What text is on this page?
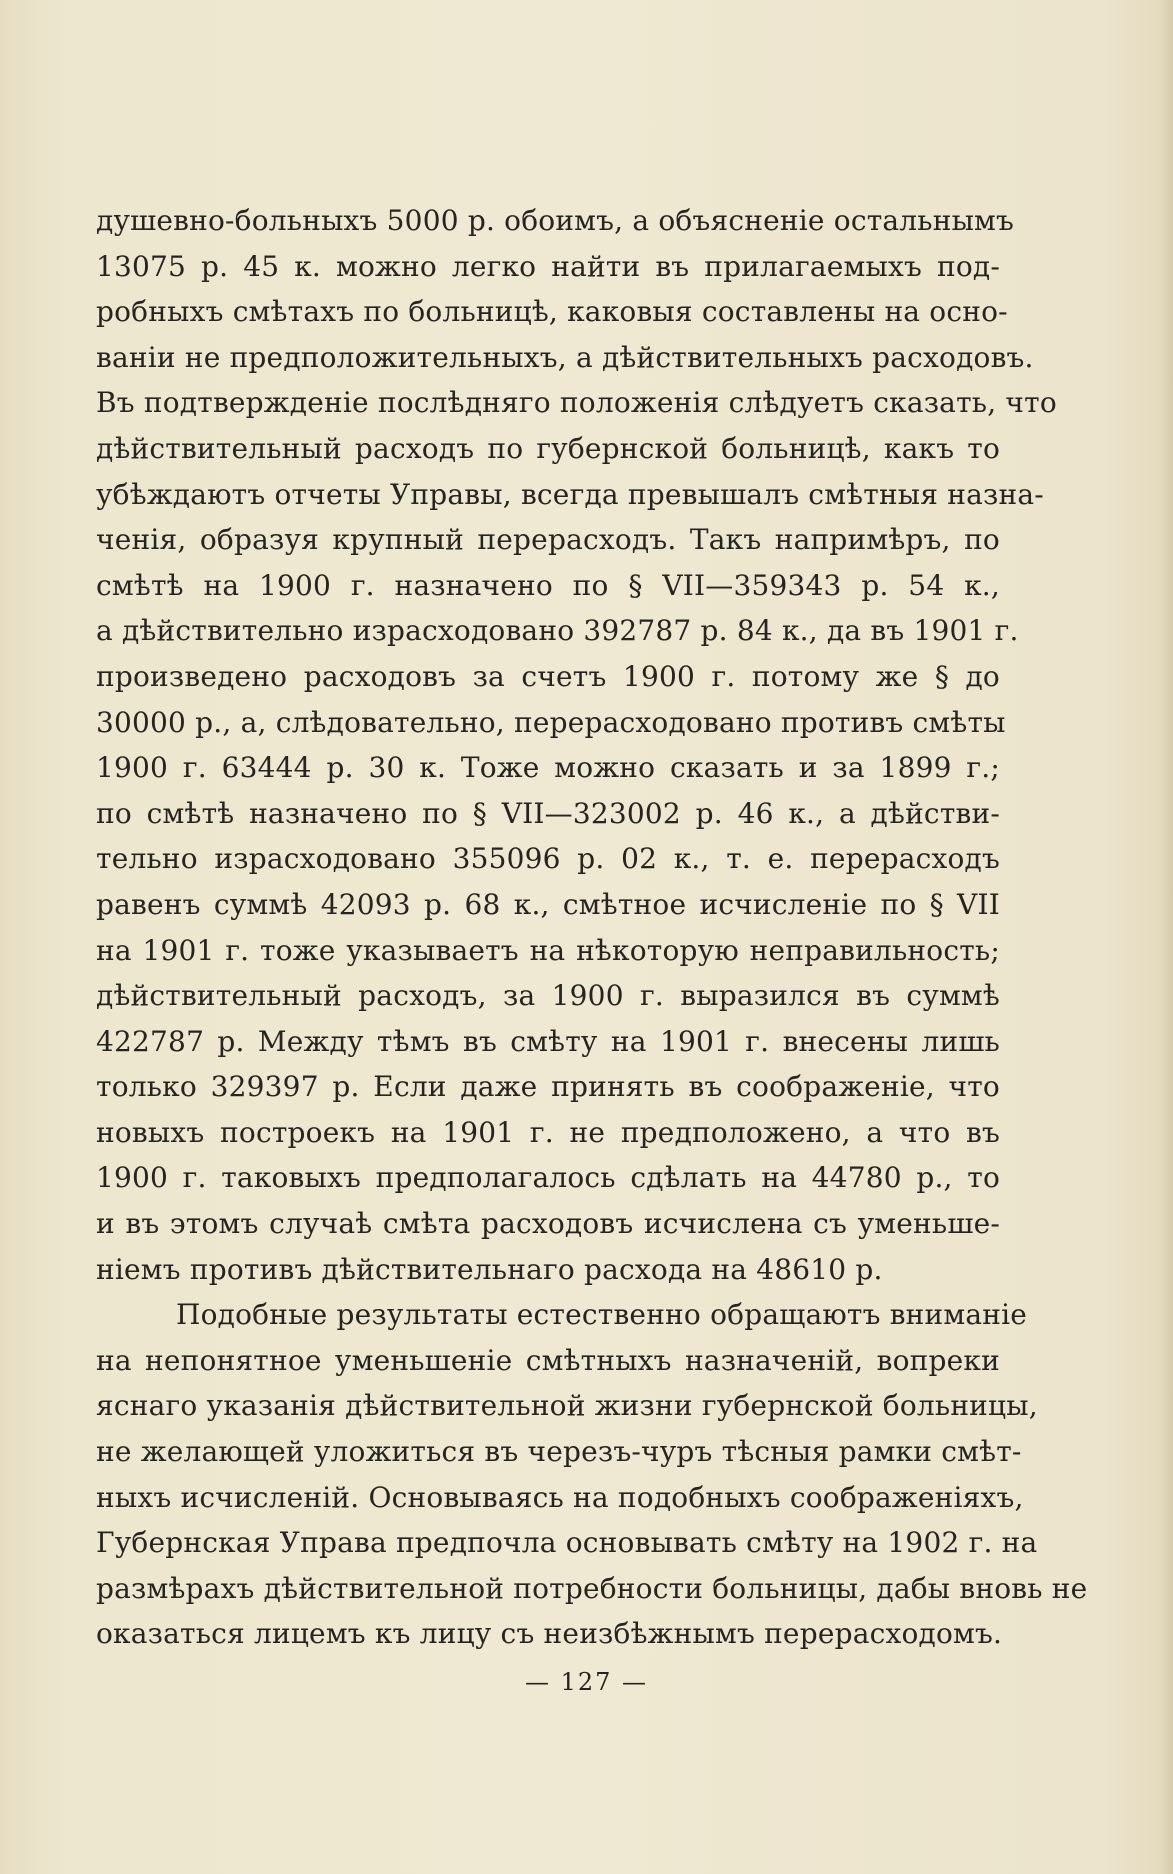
душевно-больныхъ 5000 р. обоимъ, а объясненіе остальнымъ
13075 р. 45 к. можно легко найти въ прилагаемыхъ под-
робныхъ смѣтахъ по больницѣ, каковыя составлены на осно-
ваніи не предположительныхъ, а дѣйствительныхъ расходовъ.
Въ подтвержденіе послѣдняго положенія слѣдуетъ сказать, что
дѣйствительный расходъ по губернской больницѣ, какъ то
убѣждаютъ отчеты Управы, всегда превышалъ смѣтныя назна-
ченія, образуя крупный перерасходъ. Такъ напримѣръ, по
смѣтѣ на 1900 г. назначено по § VII—359343 р. 54 к.,
а дѣйствительно израсходовано 392787 р. 84 к., да въ 1901 г.
произведено расходовъ за счетъ 1900 г. потому же § до
30000 р., а, слѣдовательно, перерасходовано противъ смѣты
1900 г. 63444 р. 30 к. Тоже можно сказать и за 1899 г.;
по смѣтѣ назначено по § VII—323002 р. 46 к., а дѣйстви-
тельно израсходовано 355096 р. 02 к., т. е. перерасходъ
равенъ суммѣ 42093 р. 68 к., смѣтное исчисленіе по § VII
на 1901 г. тоже указываетъ на нѣкоторую неправильность;
дѣйствительный расходъ, за 1900 г. выразился въ суммѣ
422787 р. Между тѣмъ въ смѣту на 1901 г. внесены лишь
только 329397 р. Если даже принять въ соображеніе, что
новыхъ построекъ на 1901 г. не предположено, а что въ
1900 г. таковыхъ предполагалось сдѣлать на 44780 р., то
и въ этомъ случаѣ смѣта расходовъ исчислена съ уменьше-
ніемъ противъ дѣйствительнаго расхода на 48610 р.
Подобные результаты естественно обращаютъ вниманіе
на непонятное уменьшеніе смѣтныхъ назначеній, вопреки
яснаго указанія дѣйствительной жизни губернской больницы,
не желающей уложиться въ черезъ-чуръ тѣсныя рамки смѣт-
ныхъ исчисленій. Основываясь на подобныхъ соображеніяхъ,
Губернская Управа предпочла основывать смѣту на 1902 г. на
размѣрахъ дѣйствительной потребности больницы, дабы вновь не
оказаться лицемъ къ лицу съ неизбѣжнымъ перерасходомъ.
— 127 —
